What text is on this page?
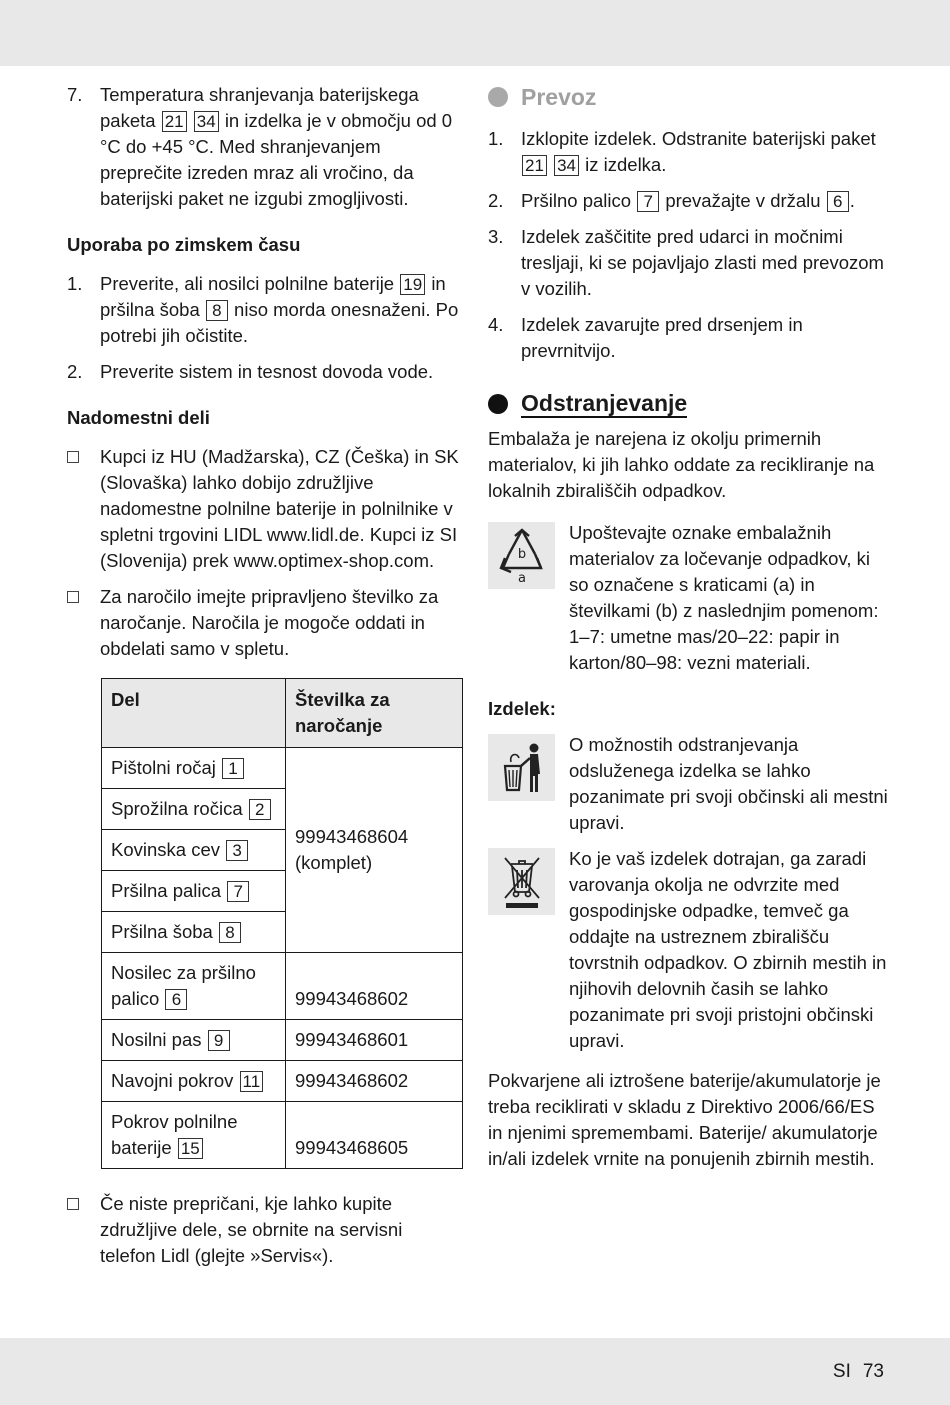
7. Temperatura shranjevanja baterijskega paketa 21 34 in izdelka je v območju od 0 °C do +45 °C. Med shranjevanjem preprečite izreden mraz ali vročino, da baterijski paket ne izgubi zmogljivosti.
Uporaba po zimskem času
1. Preverite, ali nosilci polnilne baterije 19 in pršilna šoba 8 niso morda onesnaženi. Po potrebi jih očistite.
2. Preverite sistem in tesnost dovoda vode.
Nadomestni deli
Kupci iz HU (Madžarska), CZ (Češka) in SK (Slovaška) lahko dobijo združljive nadomestne polnilne baterije in polnilnike v spletni trgovini LIDL www.lidl.de. Kupci iz SI (Slovenija) prek www.optimex-shop.com.
Za naročilo imejte pripravljeno številko za naročanje. Naročila je mogoče oddati in obdelati samo v spletu.
Del	Številka za naročanje
Pištolni ročaj 1	99943468604 (komplet)
Sprožilna ročica 2	
Kovinska cev 3	
Pršilna palica 7	
Pršilna šoba 8	
Nosilec za pršilno palico 6	99943468602
Nosilni pas 9	99943468601
Navojni pokrov 11	99943468602
Pokrov polnilne baterije 15	99943468605
Če niste prepričani, kje lahko kupite združljive dele, se obrnite na servisni telefon Lidl (glejte »Servis«).
Prevoz
1. Izklopite izdelek. Odstranite baterijski paket 21 34 iz izdelka.
2. Pršilno palico 7 prevažajte v držalu 6 .
3. Izdelek zaščitite pred udarci in močnimi tresljaji, ki se pojavljajo zlasti med prevozom v vozilih.
4. Izdelek zavarujte pred drsenjem in prevrnitvijo.
Odstranjevanje

Embalaža je narejena iz okolju primernih materialov, ki jih lahko oddate za recikliranje na lokalnih zbirališčih odpadkov.

b
a
Upoštevajte oznake embalažnih materialov za ločevanje odpadkov, ki so označene s kraticami (a) in številkami (b) z naslednjim pomenom: 1–7: umetne mas/20–22: papir in karton/80–98: vezni materiali.
Izdelek:
O možnostih odstranjevanja odsluženega izdelka se lahko pozanimate pri svoji občinski ali mestni upravi.
Ko je vaš izdelek dotrajan, ga zaradi varovanja okolja ne odvrzite med gospodinjske odpadke, temveč ga oddajte na ustreznem zbirališču tovrstnih odpadkov. O zbirnih mestih in njihovih delovnih časih se lahko pozanimate pri svoji pristojni občinski upravi.

Pokvarjene ali iztrošene baterije/akumulatorje je treba reciklirati v skladu z Direktivo 2006/66/ES in njenimi spremembami. Baterije/ akumulatorje in/ali izdelek vrnite na ponujenih zbirnih mestih.

SI 73
